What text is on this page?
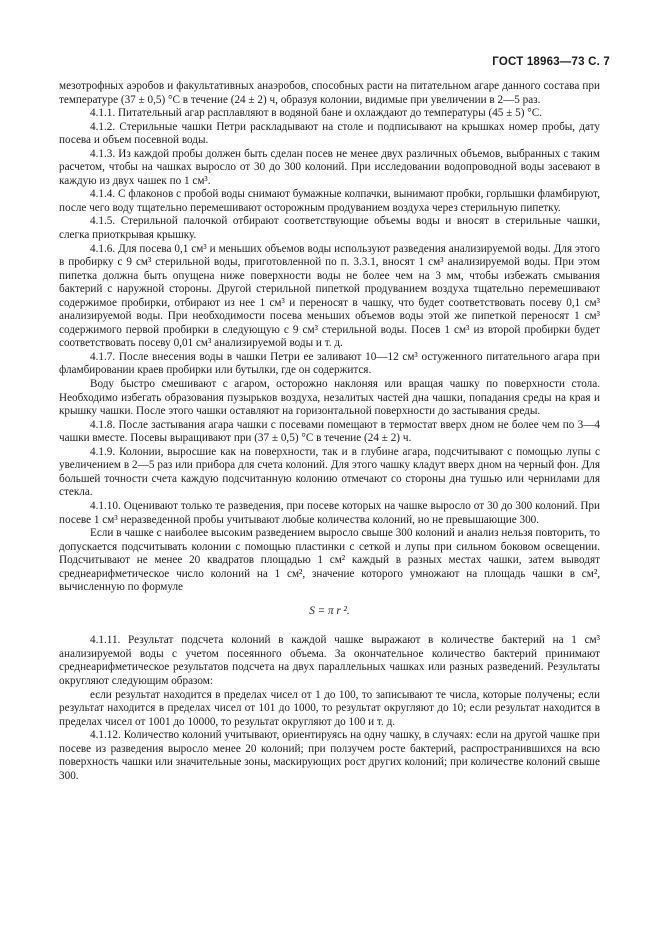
ГОСТ 18963—73 С. 7

мезотрофных аэробов и факультативных анаэробов, способных расти на питательном агаре данного состава при температуре (37 ± 0,5) °С в течение (24 ± 2) ч, образуя колонии, видимые при увеличении в 2—5 раз.

4.1.1. Питательный агар расплавляют в водяной бане и охлаждают до температуры (45 ± 5) °С.

4.1.2. Стерильные чашки Петри раскладывают на столе и подписывают на крышках номер пробы, дату посева и объем посевной воды.

4.1.3. Из каждой пробы должен быть сделан посев не менее двух различных объемов, выбранных с таким расчетом, чтобы на чашках выросло от 30 до 300 колоний. При исследовании водопроводной воды засевают в каждую из двух чашек по 1 см³.

4.1.4. С флаконов с пробой воды снимают бумажные колпачки, вынимают пробки, горлышки фламбируют, после чего воду тщательно перемешивают осторожным продуванием воздуха через стерильную пипетку.

4.1.5. Стерильной палочкой отбирают соответствующие объемы воды и вносят в стерильные чашки, слегка приоткрывая крышку.

4.1.6. Для посева 0,1 см³ и меньших объемов воды используют разведения анализируемой воды. Для этого в пробирку с 9 см³ стерильной воды, приготовленной по п. 3.3.1, вносят 1 см³ анализируемой воды. При этом пипетка должна быть опущена ниже поверхности воды не более чем на 3 мм, чтобы избежать смывания бактерий с наружной стороны. Другой стерильной пипеткой продуванием воздуха тщательно перемешивают содержимое пробирки, отбирают из нее 1 см³ и переносят в чашку, что будет соответствовать посеву 0,1 см³ анализируемой воды. При необходимости посева меньших объемов воды этой же пипеткой переносят 1 см³ содержимого первой пробирки в следующую с 9 см³ стерильной воды. Посев 1 см³ из второй пробирки будет соответствовать посеву 0,01 см³ анализируемой воды и т. д.

4.1.7. После внесения воды в чашки Петри ее заливают 10—12 см³ остуженного питательного агара при фламбировании краев пробирки или бутылки, где он содержится.

Воду быстро смешивают с агаром, осторожно наклоняя или вращая чашку по поверхности стола. Необходимо избегать образования пузырьков воздуха, незалитых частей дна чашки, попадания среды на края и крышку чашки. После этого чашки оставляют на горизонтальной поверхности до застывания среды.

4.1.8. После застывания агара чашки с посевами помещают в термостат вверх дном не более чем по 3—4 чашки вместе. Посевы выращивают при (37 ± 0,5) °С в течение (24 ± 2) ч.

4.1.9. Колонии, выросшие как на поверхности, так и в глубине агара, подсчитывают с помощью лупы с увеличением в 2—5 раз или прибора для счета колоний. Для этого чашку кладут вверх дном на черный фон. Для большей точности счета каждую подсчитанную колонию отмечают со стороны дна тушью или чернилами для стекла.

4.1.10. Оценивают только те разведения, при посеве которых на чашке выросло от 30 до 300 колоний. При посеве 1 см³ неразведенной пробы учитывают любые количества колоний, но не превышающие 300.

Если в чашке с наиболее высоким разведением выросло свыше 300 колоний и анализ нельзя повторить, то допускается подсчитывать колонии с помощью пластинки с сеткой и лупы при сильном боковом освещении. Подсчитывают не менее 20 квадратов площадью 1 см² каждый в разных местах чашки, затем выводят среднеарифметическое число колоний на 1 см², значение которого умножают на площадь чашки в см², вычисленную по формуле

S = π r ².

4.1.11. Результат подсчета колоний в каждой чашке выражают в количестве бактерий на 1 см³ анализируемой воды с учетом посеянного объема. За окончательное количество бактерий принимают среднеарифметическое результатов подсчета на двух параллельных чашках или разных разведений. Результаты округляют следующим образом:

если результат находится в пределах чисел от 1 до 100, то записывают те числа, которые получены; если результат находится в пределах чисел от 101 до 1000, то результат округляют до 10; если результат находится в пределах чисел от 1001 до 10000, то результат округляют до 100 и т. д.

4.1.12. Количество колоний учитывают, ориентируясь на одну чашку, в случаях: если на другой чашке при посеве из разведения выросло менее 20 колоний; при ползучем росте бактерий, распространившихся на всю поверхность чашки или значительные зоны, маскирующих рост других колоний; при количестве колоний свыше 300.
